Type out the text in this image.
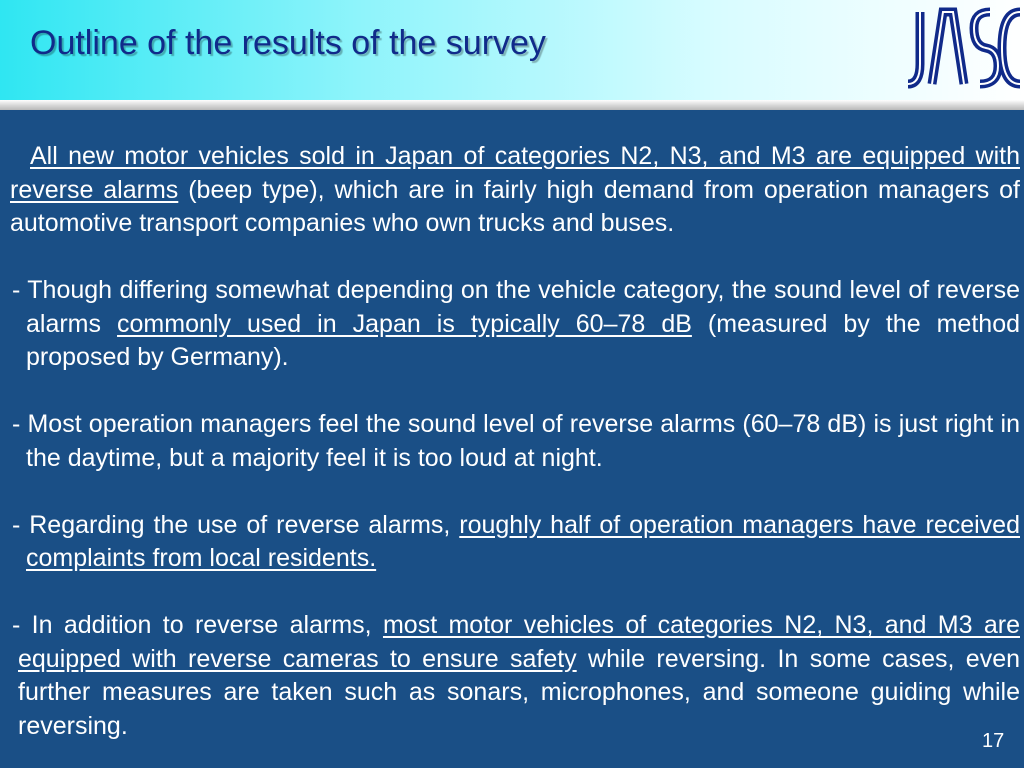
Outline of the results of the survey

All new motor vehicles sold in Japan of categories N2, N3, and M3 are equipped with reverse alarms (beep type), which are in fairly high demand from operation managers of automotive transport companies who own trucks and buses.

- Though differing somewhat depending on the vehicle category, the sound level of reverse alarms commonly used in Japan is typically 60–78 dB (measured by the method proposed by Germany).

- Most operation managers feel the sound level of reverse alarms (60–78 dB) is just right in the daytime, but a majority feel it is too loud at night.

- Regarding the use of reverse alarms, roughly half of operation managers have received complaints from local residents.

- In addition to reverse alarms, most motor vehicles of categories N2, N3, and M3 are equipped with reverse cameras to ensure safety while reversing. In some cases, even further measures are taken such as sonars, microphones, and someone guiding while reversing.

17
